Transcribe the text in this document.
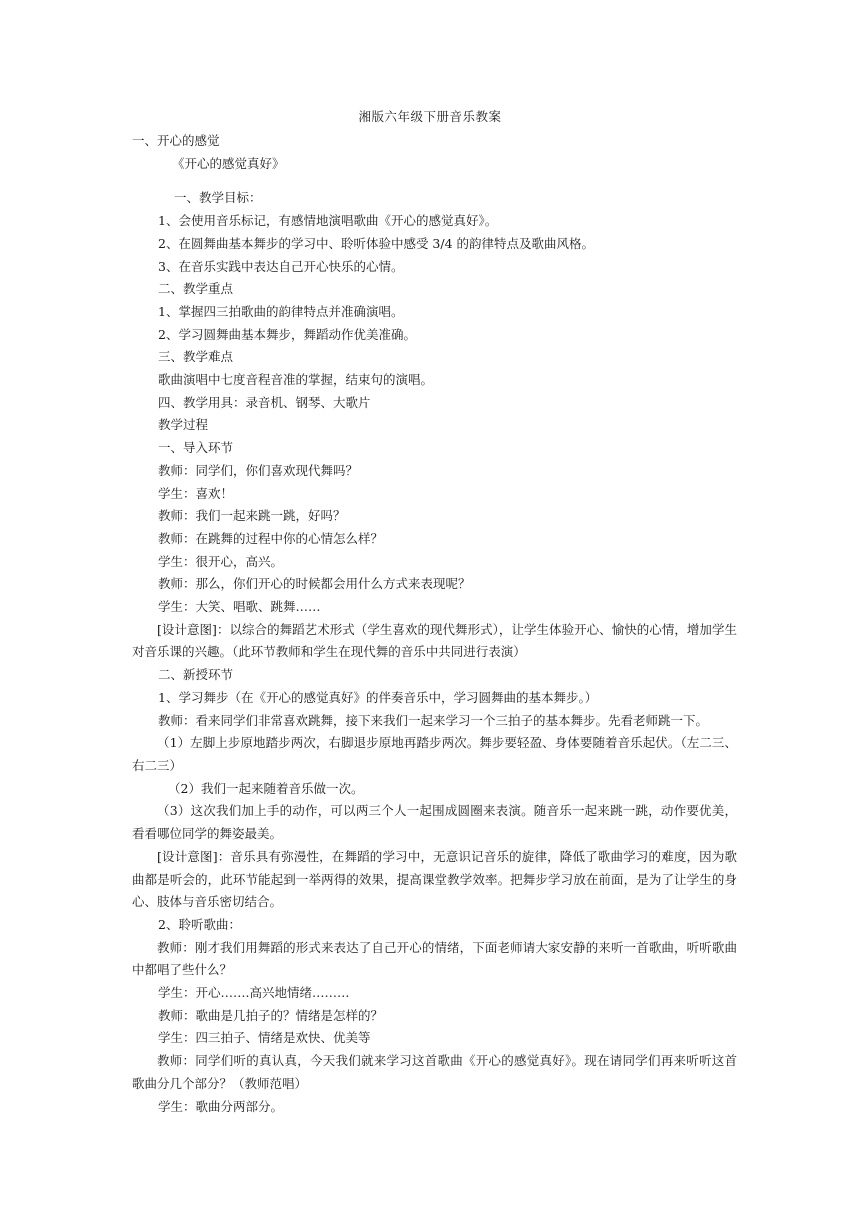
湘版六年级下册音乐教案

一、开心的感觉

《开心的感觉真好》

一、教学目标：

1、会使用音乐标记，有感情地演唱歌曲《开心的感觉真好》。

2、在圆舞曲基本舞步的学习中、聆听体验中感受 3/4 的韵律特点及歌曲风格。

3、在音乐实践中表达自己开心快乐的心情。

二、教学重点

1、掌握四三拍歌曲的韵律特点并准确演唱。

2、学习圆舞曲基本舞步，舞蹈动作优美准确。

三、教学难点

歌曲演唱中七度音程音准的掌握，结束句的演唱。

四、教学用具：录音机、钢琴、大歌片

教学过程

一、导入环节

教师：同学们，你们喜欢现代舞吗？

学生：喜欢！

教师：我们一起来跳一跳，好吗？

教师：在跳舞的过程中你的心情怎么样？

学生：很开心，高兴。

教师：那么，你们开心的时候都会用什么方式来表现呢？

学生：大笑、唱歌、跳舞……

[设计意图]：以综合的舞蹈艺术形式（学生喜欢的现代舞形式），让学生体验开心、愉快的心情，增加学生对音乐课的兴趣。（此环节教师和学生在现代舞的音乐中共同进行表演）

二、新授环节

1、学习舞步（在《开心的感觉真好》的伴奏音乐中，学习圆舞曲的基本舞步。）

教师：看来同学们非常喜欢跳舞，接下来我们一起来学习一个三拍子的基本舞步。先看老师跳一下。

（1）左脚上步原地踏步两次，右脚退步原地再踏步两次。舞步要轻盈、身体要随着音乐起伏。（左二三、右二三）

（2）我们一起来随着音乐做一次。

（3）这次我们加上手的动作，可以两三个人一起围成圆圈来表演。随音乐一起来跳一跳，动作要优美，看看哪位同学的舞姿最美。

[设计意图]：音乐具有弥漫性，在舞蹈的学习中，无意识记音乐的旋律，降低了歌曲学习的难度，因为歌曲都是听会的，此环节能起到一举两得的效果，提高课堂教学效率。把舞步学习放在前面，是为了让学生的身心、肢体与音乐密切结合。

2、聆听歌曲：

教师：刚才我们用舞蹈的形式来表达了自己开心的情绪，下面老师请大家安静的来听一首歌曲，听听歌曲中都唱了些什么？

学生：开心…….高兴地情绪………

教师：歌曲是几拍子的？情绪是怎样的？

学生：四三拍子、情绪是欢快、优美等

教师：同学们听的真认真，今天我们就来学习这首歌曲《开心的感觉真好》。现在请同学们再来听听这首歌曲分几个部分？（教师范唱）

学生：歌曲分两部分。
